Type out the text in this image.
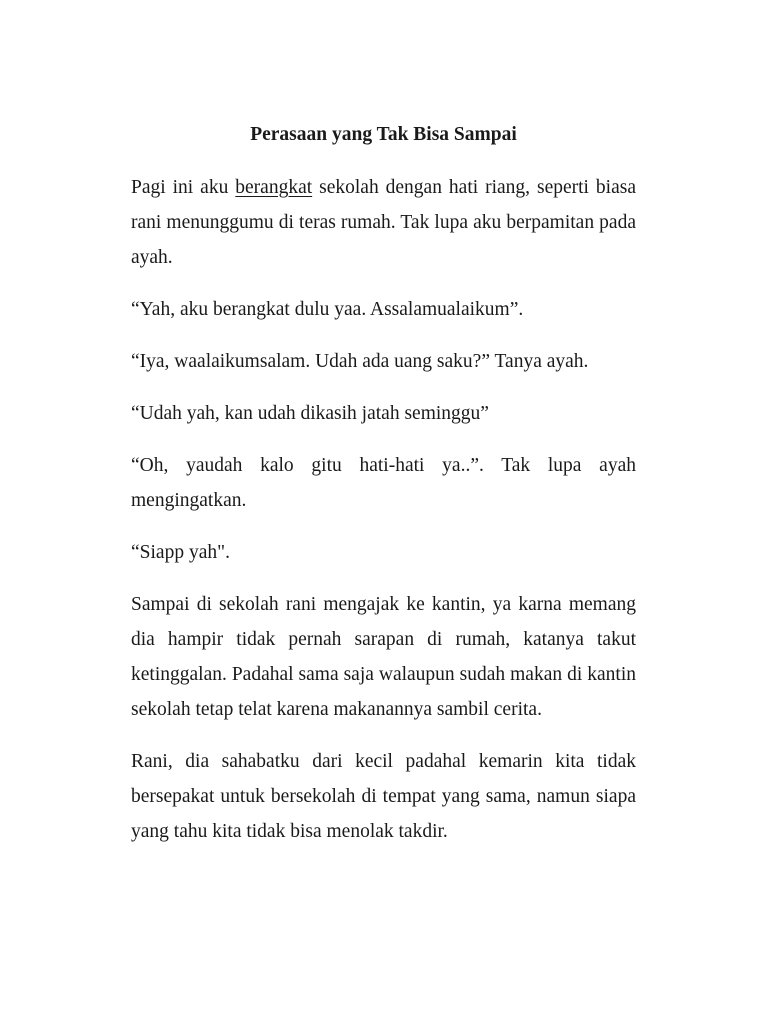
Perasaan yang Tak Bisa Sampai

Pagi ini aku berangkat sekolah dengan hati riang, seperti biasa rani menunggumu di teras rumah. Tak lupa aku berpamitan pada ayah.

“Yah, aku berangkat dulu yaa. Assalamualaikum”.

“Iya, waalaikumsalam. Udah ada uang saku?” Tanya ayah.

“Udah yah, kan udah dikasih jatah seminggu”

“Oh, yaudah kalo gitu hati-hati ya..”. Tak lupa ayah mengingatkan.

“Siapp yah".

Sampai di sekolah rani mengajak ke kantin, ya karna memang dia hampir tidak pernah sarapan di rumah, katanya takut ketinggalan. Padahal sama saja walaupun sudah makan di kantin sekolah tetap telat karena makanannya sambil cerita.

Rani, dia sahabatku dari kecil padahal kemarin kita tidak bersepakat untuk bersekolah di tempat yang sama, namun siapa yang tahu kita tidak bisa menolak takdir.
